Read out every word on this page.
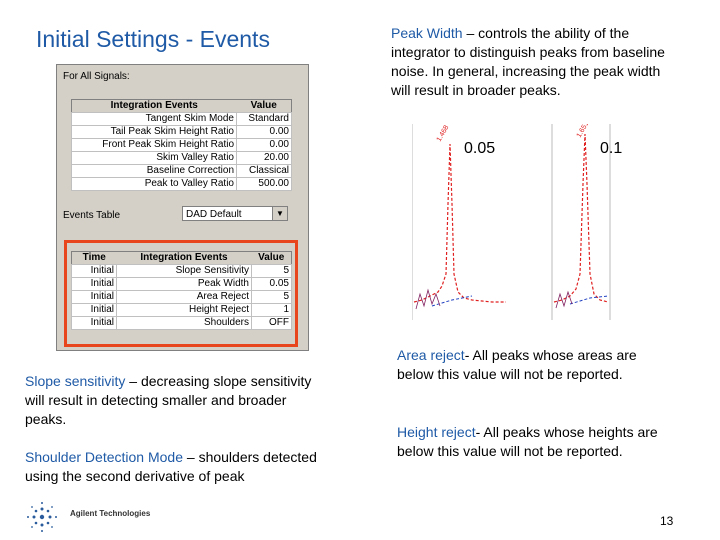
Initial Settings - Events
For All Signals:
Integration Events	Value
Tangent Skim Mode	Standard
Tail Peak Skim Height Ratio	0.00
Front Peak Skim Height Ratio	0.00
Skim Valley Ratio	20.00
Baseline Correction	Classical
Peak to Valley Ratio	500.00
Events Table	DAD Default	▼
Time	Integration Events	Value
Initial	Slope Sensitivity	5
Initial	Peak Width	0.05
Initial	Area Reject	5
Initial	Height Reject	1
Initial	Shoulders	OFF
Slope sensitivity – decreasing slope sensitivity will result in detecting smaller and broader peaks.
Shoulder Detection Mode – shoulders detected using the second derivative of peak
Peak Width – controls the ability of the integrator to distinguish peaks from baseline noise. In general, increasing the peak width will result in broader peaks.
1.468
0.05
1.651
0.1
Area reject- All peaks whose areas are below this value will not be reported.
Height reject- All peaks whose heights are below this value will not be reported.
Agilent Technologies
13
